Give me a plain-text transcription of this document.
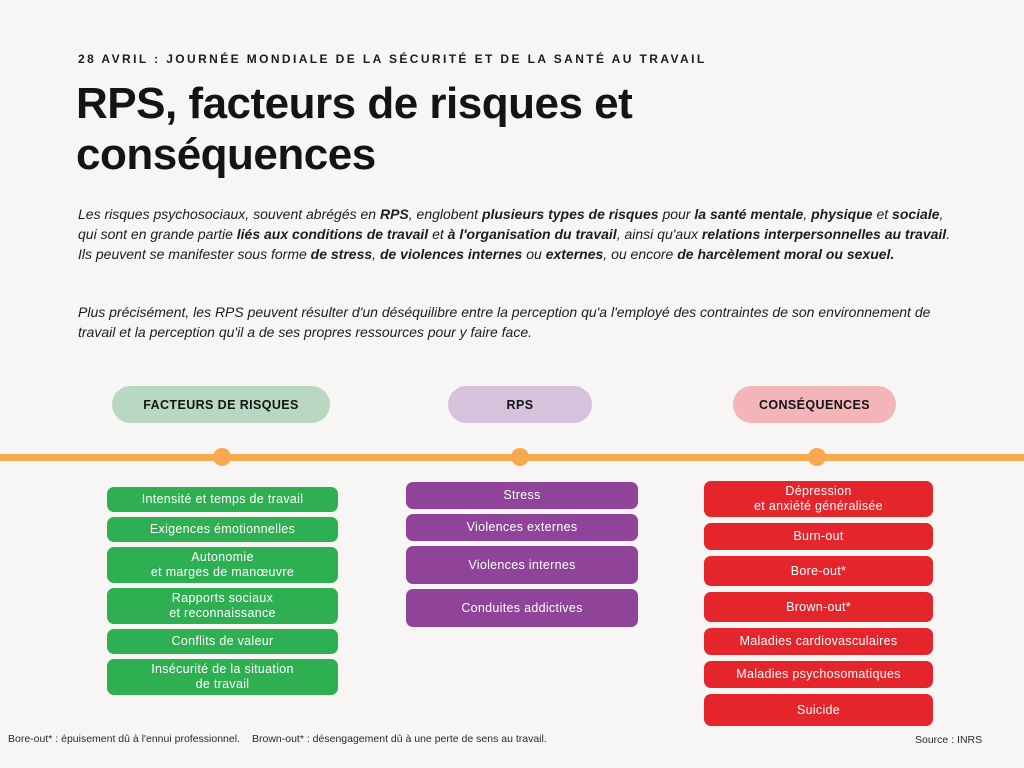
28 AVRIL : JOURNÉE MONDIALE DE LA SÉCURITÉ ET DE LA SANTÉ AU TRAVAIL
RPS, facteurs de risques et conséquences

Les risques psychosociaux, souvent abrégés en RPS, englobent plusieurs types de risques pour la santé mentale, physique et sociale, qui sont en grande partie liés aux conditions de travail et à l'organisation du travail, ainsi qu'aux relations interpersonnelles au travail. Ils peuvent se manifester sous forme de stress, de violences internes ou externes, ou encore de harcèlement moral ou sexuel.

Plus précisément, les RPS peuvent résulter d'un déséquilibre entre la perception qu'a l'employé des contraintes de son environnement de travail et la perception qu'il a de ses propres ressources pour y faire face.

FACTEURS DE RISQUES	RPS	CONSÉQUENCES
Intensité et temps de travail
Exigences émotionnelles
Autonomie
et marges de manœuvre
Rapports sociaux
et reconnaissance
Conflits de valeur
Insécurité de la situation
de travail
Stress
Violences externes
Violences internes
Conduites addictives
Dépression
et anxiété généralisée
Burn-out
Bore-out*
Brown-out*
Maladies cardiovasculaires
Maladies psychosomatiques
Suicide
Bore-out* : épuisement dû à l'ennui professionnel. Brown-out* : désengagement dû à une perte de sens au travail.	Source : INRS
